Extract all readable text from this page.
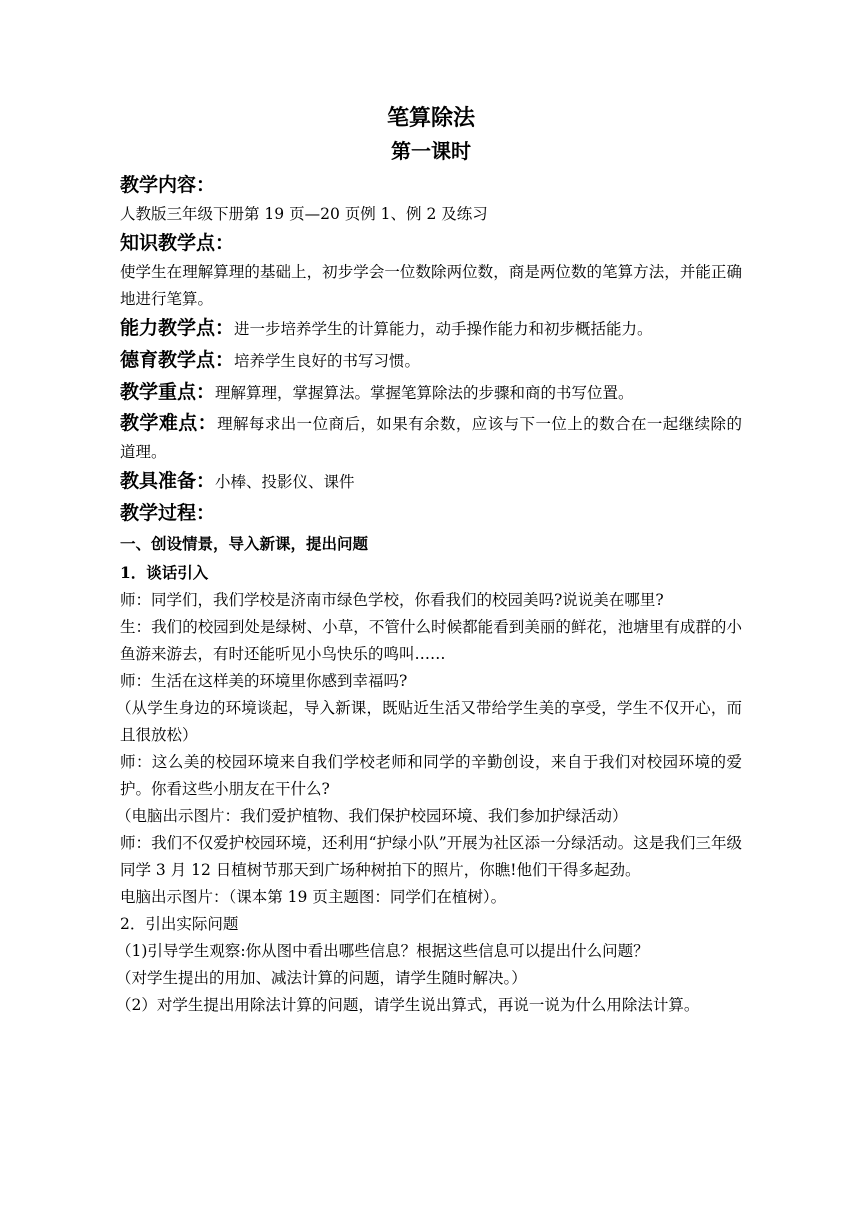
笔算除法

第一课时

教学内容：

人教版三年级下册第 19 页—20 页例 1、例 2 及练习

知识教学点：

使学生在理解算理的基础上，初步学会一位数除两位数，商是两位数的笔算方法，并能正确地进行笔算。

能力教学点：进一步培养学生的计算能力，动手操作能力和初步概括能力。

德育教学点：培养学生良好的书写习惯。

教学重点：理解算理，掌握算法。掌握笔算除法的步骤和商的书写位置。

教学难点：理解每求出一位商后，如果有余数，应该与下一位上的数合在一起继续除的道理。

教具准备：小棒、投影仪、课件

教学过程：

一、创设情景，导入新课，提出问题

1．谈话引入

师：同学们，我们学校是济南市绿色学校，你看我们的校园美吗?说说美在哪里?

生：我们的校园到处是绿树、小草，不管什么时候都能看到美丽的鲜花，池塘里有成群的小鱼游来游去，有时还能听见小鸟快乐的鸣叫……

师：生活在这样美的环境里你感到幸福吗?

（从学生身边的环境谈起，导入新课，既贴近生活又带给学生美的享受，学生不仅开心，而且很放松）

师：这么美的校园环境来自我们学校老师和同学的辛勤创设，来自于我们对校园环境的爱护。你看这些小朋友在干什么?

（电脑出示图片：我们爱护植物、我们保护校园环境、我们参加护绿活动）

师：我们不仅爱护校园环境，还利用“护绿小队”开展为社区添一分绿活动。这是我们三年级同学 3 月 12 日植树节那天到广场种树拍下的照片，你瞧!他们干得多起劲。

电脑出示图片：（课本第 19 页主题图：同学们在植树）。

2．引出实际问题

（1)引导学生观察:你从图中看出哪些信息？根据这些信息可以提出什么问题？

（对学生提出的用加、减法计算的问题，请学生随时解决。）

（2）对学生提出用除法计算的问题，请学生说出算式，再说一说为什么用除法计算。
